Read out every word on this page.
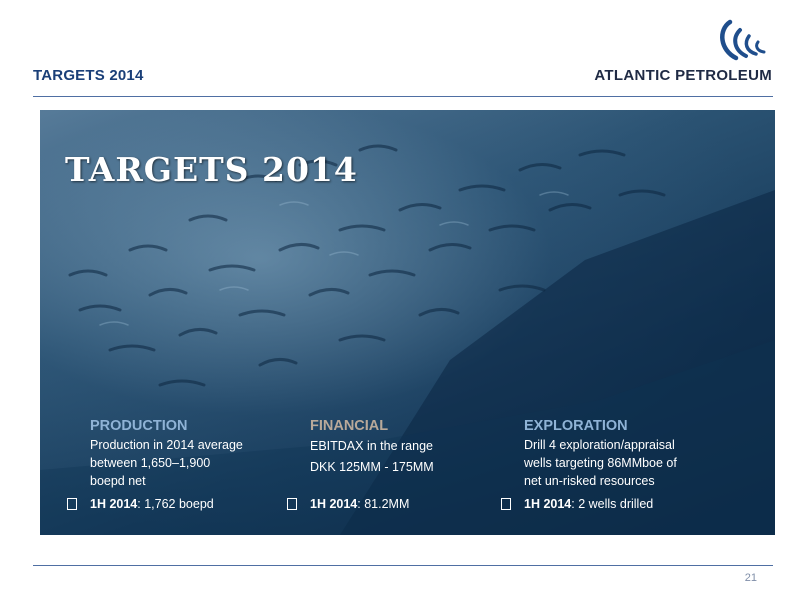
TARGETS 2014	ATLANTIC PETROLEUM
TARGETS 2014
PRODUCTION
Production in 2014 average
between 1,650–1,900
boepd net
1H 2014: 1,762 boepd
FINANCIAL
EBITDAX in the range
DKK 125MM - 175MM
1H 2014: 81.2MM
EXPLORATION
Drill 4 exploration/appraisal
wells targeting 86MMboe of
net un-risked resources
1H 2014: 2 wells drilled
21
